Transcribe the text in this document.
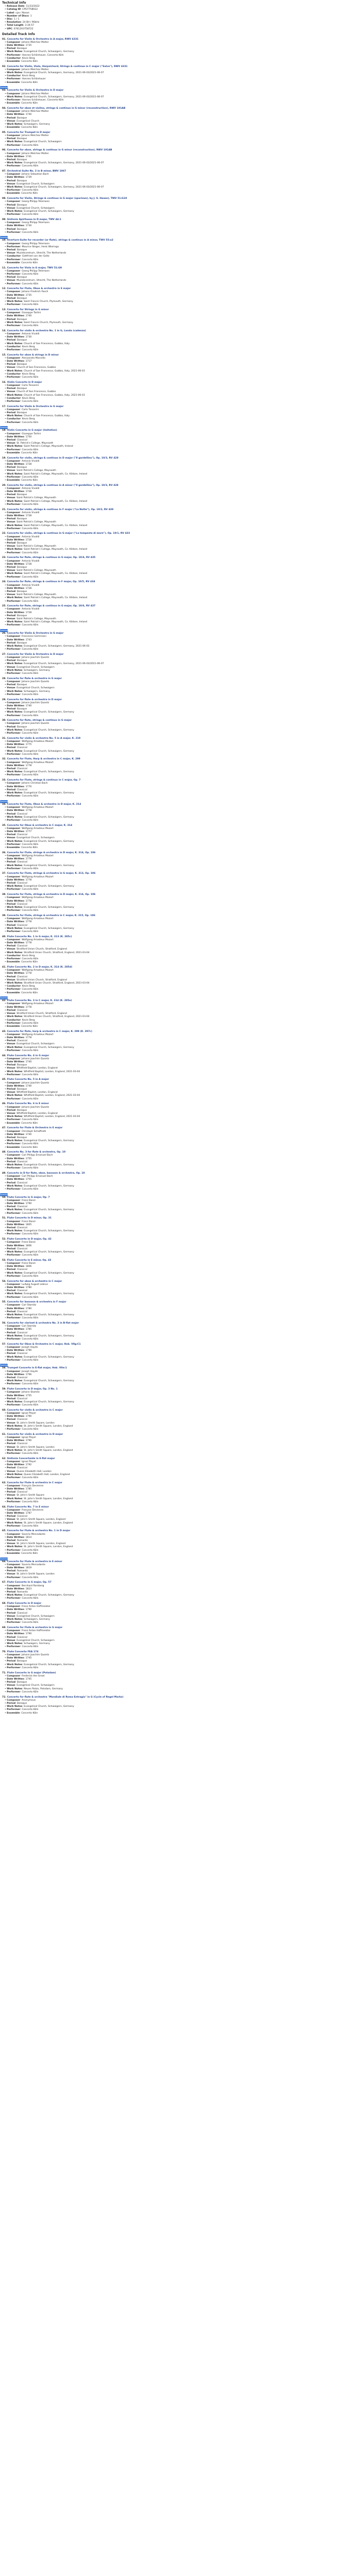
Technical Info
• Release Date: 11/23/2022
• Catalog ID: CPO7758022
• Label: cpo / Naxos
• Number of Discs: 1
• Disc: 1 / 1
• Resolution: 24 Bit / 96kHz
• Total Length: 3:34:57
• UPC: 0761203758722
Detailed Track Info
01. Concerto for Violin & Orchestra in A major, RWV 4331
• Composer: Johann Melchior Molter
• Date Written: 1735
• Period: Baroque
• Work Notes: Evangelical Church, Schwaigern, Germany
• Performer: Hannes Schönhauer, Concerto Köln
• Conductor: Kevin Berg
• Ensemble: Concerto Köln
02. Concerto for Violin, Viola, Harpsichord, Strings & continuo in C major ("Salve"), RWV 4331
• Composer: Johann Melchior Molter
• Work Notes: Evangelical Church, Schwaigern, Germany, 2021-06-03/2021-06-07
• Conductor: Kevin Berg
• Performer: Hannes Schönhauer
• Ensemble: Concerto Köln
Download
03. Concerto for Violin & Orchestra in D major
• Composer: Johann Melchior Molter
• Work Notes: Evangelical Church, Schwaigern, Germany, 2021-06-03/2021-06-07
• Performer: Hannes Schönhauer, Concerto Köln
• Ensemble: Concerto Köln
04. Concerto for oboe et violino, strings & continuo in G minor (reconstruction), RWV 191AB
• Composer: Johann Melchior Molter
• Date Written: 1740
• Period: Baroque
• Venue: Evangelical Church
• Work Notes: Schwaigern, Germany
• Ensemble: Concerto Köln
05. Concerto for Trumpet in D major
• Composer: Johann Melchior Molter
• Period: Baroque
• Work Notes: Evangelical Church, Schwaigern
• Performer: Concerto Köln
06. Concerto for oboe, strings & continuo in G minor (reconstruction), RWV 191AB
• Composer: Johann Melchior Molter
• Date Written: 1741
• Period: Baroque
• Work Notes: Evangelical Church, Schwaigern, Germany, 2021-06-03/2021-06-07
• Performer: Concerto Köln
07. Orchestral Suite No. 2 in B minor, BWV 1067
• Composer: Johann Sebastian Bach
• Date Written: 1739
• Period: Baroque
• Venue: Evangelical Church, Schwaigern
• Work Notes: Evangelical Church, Schwaigern, Germany, 2021-06-03/2021-06-07
• Performer: Concerto Köln
• Ensemble: Concerto Köln
08. Concerto for Violin, Strings & continuo in G major (spurious), by J. S. Haase), TWV 51:G10
• Composer: Georg Philipp Telemann
• Period: Baroque
• Venue: Evangelical Church, Schwaigern
• Work Notes: Evangelical Church, Schwaigern, Germany
• Performer: Concerto Köln
09. Sinfonia Spirituosa in D major, TWV 44:1
• Composer: Georg Philipp Telemann
• Date Written: 1730
• Period: Baroque
• Performer: Concerto Köln
Download
10. Overture-Suite for recorder (or flute), strings & continuo in A minor, TWV 55:a2
• Composer: Georg Philipp Telemann
• Performer: Maurice Steger, Henk Wieringa
• Period: Baroque
• Venue: Muziekcentrum, Utrecht, The Netherlands
• Conductor: Gottfried von der Goltz
• Performer: Concerto Köln
• Ensemble: Concerto Köln
11. Concerto for Viola in G major, TWV 51:G9
• Composer: Georg Philipp Telemann
• Performer: Concerto Köln
• Period: Baroque
• Venue: Muziekcentrum, Utrecht, The Netherlands
• Performer: Concerto Köln
12. Concerto for Flute, Oboe & orchestra in E major
• Composer: Johann Friedrich Fasch
• Date Written: 1735
• Period: Baroque
• Work Notes: Saint Francis Church, Plymouth, Germany
• Performer: Concerto Köln
13. Concerto for Strings in G minor
• Composer: Giuseppe Tartini
• Date Written: 1740
• Period: Baroque
• Work Notes: Saint Francis Church, Plymouth, Germany
• Performer: Concerto Köln
14. Concerto for violin & orchestra No. 1 in G, Landa (cadenza)
• Composer: Antonio Vivaldi
• Date Written: 1730
• Period: Baroque
• Work Notes: Church of San Francesco, Gubbio, Italy
• Conductor: Kevin Berg
• Performer: Concerto Köln
15. Concerto for oboe & strings in D minor
• Composer: Alessandro Marcello
• Date Written: 1717
• Period: Baroque
• Venue: Church of San Francesco, Gubbio
• Work Notes: Church of San Francesco, Gubbio, Italy, 2021-06-03
• Conductor: Kevin Berg
• Performer: Concerto Köln
16. Violin Concerto in D major
• Composer: Carlo Tessarini
• Period: Baroque
• Venue: Church of San Francesco, Gubbio
• Work Notes: Church of San Francesco, Gubbio, Italy, 2021-06-03
• Conductor: Kevin Berg
• Performer: Concerto Köln
17. Concerto for Violin & Orchestra in G major
• Composer: Carlo Tessarini
• Period: Baroque
• Work Notes: Church of San Francesco, Gubbio, Italy
• Conductor: Kevin Berg
• Performer: Concerto Köln
Download
18. Violin Concerto in G major (Imitation)
• Composer: Giuseppe Tartini
• Date Written: 1750
• Period: Classical
• Venue: St. Patrick's College, Maynooth
• Work Notes: Saint Patrick's College, Maynooth, Ireland
• Performer: Concerto Köln
• Ensemble: Concerto Köln
19. Concerto for violin, strings & continuo in D major ("Il gardellino"), Op. 10/3, RV 428
• Composer: Antonio Vivaldi
• Date Written: 1728
• Period: Baroque
• Venue: Saint Patrick's College, Maynooth
• Work Notes: Saint Patrick's College, Maynooth, Co. Kildare, Ireland
• Performer: Concerto Köln
• Ensemble: Concerto Köln
20. Concerto for violin, strings & continuo in A minor ("Il gardellino"), Op. 10/3, RV 428
• Composer: Antonio Vivaldi
• Date Written: 1728
• Period: Baroque
• Venue: Saint Patrick's College, Maynooth
• Work Notes: Saint Patrick's College, Maynooth, Co. Kildare, Ireland
• Performer: Concerto Köln
21. Concerto for violin, strings & continuo in F major ("La Notte"), Op. 10/2, RV 439
• Composer: Antonio Vivaldi
• Date Written: 1728
• Period: Baroque
• Venue: Saint Patrick's College, Maynooth
• Work Notes: Saint Patrick's College, Maynooth, Co. Kildare, Ireland
• Performer: Concerto Köln
22. Concerto for violin, strings & continuo in G major ("La tempesta di mare"), Op. 10/1, RV 433
• Composer: Antonio Vivaldi
• Date Written: 1728
• Period: Baroque
• Venue: Saint Patrick's College, Maynooth
• Work Notes: Saint Patrick's College, Maynooth, Co. Kildare, Ireland
• Performer: Concerto Köln
23. Concerto for flute, strings & continuo in G major, Op. 10/4, RV 435
• Composer: Antonio Vivaldi
• Date Written: 1728
• Period: Baroque
• Venue: Saint Patrick's College, Maynooth
• Work Notes: Saint Patrick's College, Maynooth, Co. Kildare, Ireland
• Performer: Concerto Köln
24. Concerto for flute, strings & continuo in F major, Op. 10/5, RV 434
• Composer: Antonio Vivaldi
• Date Written: 1728
• Period: Baroque
• Venue: Saint Patrick's College, Maynooth
• Work Notes: Saint Patrick's College, Maynooth, Co. Kildare, Ireland
• Performer: Concerto Köln
25. Concerto for flute, strings & continuo in G major, Op. 10/6, RV 437
• Composer: Antonio Vivaldi
• Date Written: 1728
• Period: Baroque
• Venue: Saint Patrick's College, Maynooth
• Work Notes: Saint Patrick's College, Maynooth, Co. Kildare, Ireland
• Performer: Concerto Köln
Download
26. Concerto for Violin & Orchestra in G major
• Composer: Francesco Geminiani
• Date Written: 1743
• Period: Baroque
• Work Notes: Evangelical Church, Schwaigern, Germany, 2021-06-03
• Performer: Concerto Köln
27. Concerto for Violin & Orchestra in D major
• Composer: Johann Joachim Quantz
• Period: Baroque
• Work Notes: Evangelical Church, Schwaigern, Germany, 2021-06-03/2021-06-07
• Venue: Evangelical Church, Schwaigern
• Work Notes: Schwaigern, Germany
• Performer: Concerto Köln
28. Concerto for flute & orchestra in G major
• Composer: Johann Joachim Quantz
• Period: Baroque
• Venue: Evangelical Church, Schwaigern
• Work Notes: Schwaigern, Germany
• Performer: Concerto Köln
29. Concerto for flute & orchestra in D major
• Composer: Johann Joachim Quantz
• Date Written: 1740
• Period: Baroque
• Work Notes: Evangelical Church, Schwaigern, Germany
• Performer: Concerto Köln
30. Concerto for flute, strings & continuo in G major
• Composer: Johann Joachim Quantz
• Period: Baroque
• Work Notes: Evangelical Church, Schwaigern, Germany
• Performer: Concerto Köln
31. Concerto for violin & orchestra No. 5 in A major, K. 219
• Composer: Wolfgang Amadeus Mozart
• Date Written: 1775
• Period: Classical
• Work Notes: Evangelical Church, Schwaigern, Germany
• Performer: Concerto Köln
32. Concerto for Flute, Harp & orchestra in C major, K. 299
• Composer: Wolfgang Amadeus Mozart
• Date Written: 1778
• Period: Classical
• Work Notes: Evangelical Church, Schwaigern, Germany
• Performer: Concerto Köln
33. Concerto for Flute, strings & continuo in C major, Op. 7
• Composer: Johann Christian Bach
• Date Written: 1770
• Period: Classical
• Work Notes: Evangelical Church, Schwaigern, Germany
• Performer: Concerto Köln
Download
34. Concerto for Flute, Oboe & orchestra in D major, K. 314
• Composer: Wolfgang Amadeus Mozart
• Date Written: 1778
• Period: Classical
• Work Notes: Evangelical Church, Schwaigern, Germany
• Performer: Concerto Köln
35. Concerto for Oboe & orchestra in C major, K. 314
• Composer: Wolfgang Amadeus Mozart
• Date Written: 1777
• Period: Classical
• Venue: Evangelical Church, Schwaigern
• Work Notes: Evangelical Church, Schwaigern, Germany
• Performer: Concerto Köln
• Ensemble: Concerto Köln
36. Concerto for Flute, strings & orchestra in D major, K. 314, Op. 106
• Composer: Wolfgang Amadeus Mozart
• Date Written: 1778
• Period: Classical
• Work Notes: Evangelical Church, Schwaigern, Germany
• Performer: Concerto Köln
37. Concerto for Flute, strings & orchestra in G major, K. 313, Op. 106
• Composer: Wolfgang Amadeus Mozart
• Date Written: 1778
• Period: Classical
• Work Notes: Evangelical Church, Schwaigern, Germany
• Performer: Concerto Köln
38. Concerto for Flute, strings & orchestra in D major, K. 314, Op. 106
• Composer: Wolfgang Amadeus Mozart
• Date Written: 1778
• Period: Classical
• Work Notes: Evangelical Church, Schwaigern, Germany
• Performer: Concerto Köln
39. Concerto for Flute, strings & orchestra in C major, K. 315, Op. 106
• Composer: Wolfgang Amadeus Mozart
• Date Written: 1778
• Period: Classical
• Work Notes: Evangelical Church, Schwaigern, Germany
• Performer: Concerto Köln
40. Flute Concerto No. 1 in G major, K. 313 (K. 285c)
• Composer: Wolfgang Amadeus Mozart
• Date Written: 1778
• Period: Classical
• Venue: Stratford Union Church, Stratford, England
• Work Notes: Stratford Union Church, Stratford, England, 2021-03-04
• Conductor: Kevin Berg
• Performer: Concerto Köln
• Ensemble: Concerto Köln
41. Flute Concerto No. 2 in D major, K. 314 (K. 285d)
• Composer: Wolfgang Amadeus Mozart
• Date Written: 1778
• Period: Classical
• Venue: Stratford Union Church, Stratford, England
• Work Notes: Stratford Union Church, Stratford, England, 2021-03-04
• Conductor: Kevin Berg
• Performer: Concerto Köln
• Ensemble: Concerto Köln
Download
42. Flute Concerto No. 3 in C major, K. 314 (K. 285e)
• Composer: Wolfgang Amadeus Mozart
• Date Written: 1778
• Period: Classical
• Venue: Stratford Union Church, Stratford, England
• Work Notes: Stratford Union Church, Stratford, England, 2021-03-04
• Conductor: Kevin Berg
• Performer: Concerto Köln
• Ensemble: Concerto Köln
43. Concerto for flute, harp & orchestra in C major, K. 299 (K. 297c)
• Composer: Wolfgang Amadeus Mozart
• Date Written: 1778
• Period: Classical
• Venue: Evangelical Church, Schwaigern
• Work Notes: Evangelical Church, Schwaigern, Germany
• Performer: Concerto Köln
44. Flute Concerto No. 4 in G major
• Composer: Johann Joachim Quantz
• Date Written: 1740
• Period: Baroque
• Venue: Whitfield Baptist, London, England
• Work Notes: Whitfield Baptist, London, England, 2021-03-04
• Performer: Concerto Köln
45. Flute Concerto No. 5 in A major
• Composer: Johann Joachim Quantz
• Date Written: 1740
• Period: Baroque
• Venue: Whitfield Baptist, London, England
• Work Notes: Whitfield Baptist, London, England, 2021-03-04
• Performer: Concerto Köln
46. Flute Concerto No. 6 in E minor
• Composer: Johann Joachim Quantz
• Period: Baroque
• Venue: Whitfield Baptist, London, England
• Work Notes: Whitfield Baptist, London, England, 2021-03-04
• Performer: Concerto Köln
• Ensemble: Concerto Köln
47. Concerto for Flute & Orchestra in E major
• Composer: Christoph Schaffrath
• Date Written: 1740
• Period: Baroque
• Work Notes: Evangelical Church, Schwaigern, Germany
• Performer: Concerto Köln
• Ensemble: Concerto Köln
48. Concerto No. 3 for flute & orchestra, Op. 10
• Composer: Carl Philipp Emanuel Bach
• Date Written: 1755
• Period: Classical
• Work Notes: Evangelical Church, Schwaigern, Germany
• Performer: Concerto Köln
49. Concerto in D for flute, oboe, bassoon & orchestra, Op. 10
• Composer: Carl Philipp Emanuel Bach
• Date Written: 1755
• Period: Classical
• Work Notes: Evangelical Church, Schwaigern, Germany
• Performer: Concerto Köln
Download
50. Flute Concerto in G major, Op. 7
• Composer: Franz Danzi
• Date Written: 1790
• Period: Classical
• Work Notes: Evangelical Church, Schwaigern, Germany
• Performer: Concerto Köln
51. Flute Concerto in D minor, Op. 31
• Composer: Franz Danzi
• Date Written: 1805
• Period: Classical
• Work Notes: Evangelical Church, Schwaigern, Germany
• Performer: Concerto Köln
52. Flute Concerto in D major, Op. 42
• Composer: Franz Danzi
• Date Written: 1806
• Period: Classical
• Work Notes: Evangelical Church, Schwaigern, Germany
• Performer: Concerto Köln
53. Flute Concerto in E minor, Op. 43
• Composer: Franz Danzi
• Date Written: 1806
• Period: Classical
• Work Notes: Evangelical Church, Schwaigern, Germany
• Performer: Concerto Köln
54. Concerto for oboe & orchestra in C major
• Composer: Ludwig August Lebrun
• Date Written: 1780
• Period: Classical
• Work Notes: Evangelical Church, Schwaigern, Germany
• Performer: Concerto Köln
55. Concerto for bassoon & orchestra in F major
• Composer: Carl Stamitz
• Date Written: 1780
• Period: Classical
• Work Notes: Evangelical Church, Schwaigern, Germany
• Performer: Concerto Köln
56. Concerto for clarinet & orchestra No. 3 in B-flat major
• Composer: Carl Stamitz
• Date Written: 1785
• Period: Classical
• Work Notes: Evangelical Church, Schwaigern, Germany
• Performer: Concerto Köln
57. Concerto for Oboe & Orchestra in C major, Hob. VIIg:C1
• Composer: Joseph Haydn
• Date Written: 1790
• Period: Classical
• Work Notes: Evangelical Church, Schwaigern, Germany
• Performer: Concerto Köln
Download
58. Trumpet Concerto in E-flat major, Hob. VIIe:1
• Composer: Joseph Haydn
• Date Written: 1796
• Period: Classical
• Work Notes: Evangelical Church, Schwaigern, Germany
• Performer: Concerto Köln
59. Flute Concerto in D major, Op. 3 No. 1
• Composer: Johann Stamitz
• Date Written: 1755
• Period: Classical
• Work Notes: Evangelical Church, Schwaigern, Germany
• Performer: Concerto Köln
60. Concerto for violin & orchestra in C major
• Composer: Ignaz Pleyel
• Date Written: 1790
• Period: Classical
• Venue: St. John's Smith Square, London
• Work Notes: St. John's Smith Square, London, England
• Performer: Concerto Köln
61. Concerto for violin & orchestra in D major
• Composer: Ignaz Pleyel
• Date Written: 1790
• Period: Classical
• Venue: St. John's Smith Square, London
• Work Notes: St. John's Smith Square, London, England
• Performer: Concerto Köln
62. Sinfonia Concertante in E-flat major
• Composer: Ignaz Pleyel
• Date Written: 1792
• Period: Classical
• Venue: Queen Elizabeth Hall, London
• Work Notes: Queen Elizabeth Hall, London, England
• Performer: Concerto Köln
63. Concerto for Flute & orchestra in C major
• Composer: François Devienne
• Date Written: 1785
• Period: Classical
• Venue: St. John's Smith Square
• Work Notes: St. John's Smith Square, London, England
• Performer: Concerto Köln
64. Flute Concerto No. 7 in E minor
• Composer: François Devienne
• Date Written: 1787
• Period: Classical
• Venue: St. John's Smith Square, London, England
• Work Notes: St. John's Smith Square, London, England
• Performer: Concerto Köln
65. Concerto for Flute & orchestra No. 1 in D major
• Composer: Saverio Mercadante
• Date Written: 1814
• Period: Romantic
• Venue: St. John's Smith Square, London, England
• Work Notes: St. John's Smith Square, London, England
• Performer: Concerto Köln
• Ensemble: Concerto Köln
Download
66. Concerto for Flute & orchestra in E minor
• Composer: Saverio Mercadante
• Date Written: 1819
• Period: Romantic
• Venue: St. John's Smith Square, London
• Performer: Concerto Köln
67. Flute Concerto in G major, Op. 57
• Composer: Bernhard Romberg
• Date Written: 1823
• Period: Romantic
• Work Notes: Evangelical Church, Schwaigern, Germany
• Performer: Concerto Köln
68. Flute Concerto in D major
• Composer: Franz Anton Hoffmeister
• Date Written: 1790
• Period: Classical
• Venue: Evangelical Church, Schwaigern
• Work Notes: Schwaigern, Germany
• Performer: Concerto Köln
69. Concerto for Flute & orchestra in G major
• Composer: Franz Anton Hoffmeister
• Date Written: 1790
• Period: Classical
• Venue: Evangelical Church, Schwaigern
• Work Notes: Schwaigern, Germany
• Performer: Concerto Köln
70. Flute Concerto FEA 174
• Composer: Johann Joachim Quantz
• Date Written: 1745
• Period: Baroque
• Work Notes: Evangelical Church, Schwaigern, Germany
• Performer: Concerto Köln
71. Flute Concerto in G major (Potsdam)
• Composer: Frederick the Great
• Date Written: 1745
• Period: Baroque
• Venue: Evangelical Church, Schwaigern
• Work Notes: Neues Palais, Potsdam, Germany
• Performer: Concerto Köln
72. Concerto for flute & orchestra "Mondiale di Roma Entragio" in G (Cycle of Regel Marks)
• Composer: Anonymous
• Period: Baroque
• Work Notes: Evangelical Church, Schwaigern, Germany
• Performer: Concerto Köln
• Ensemble: Concerto Köln
